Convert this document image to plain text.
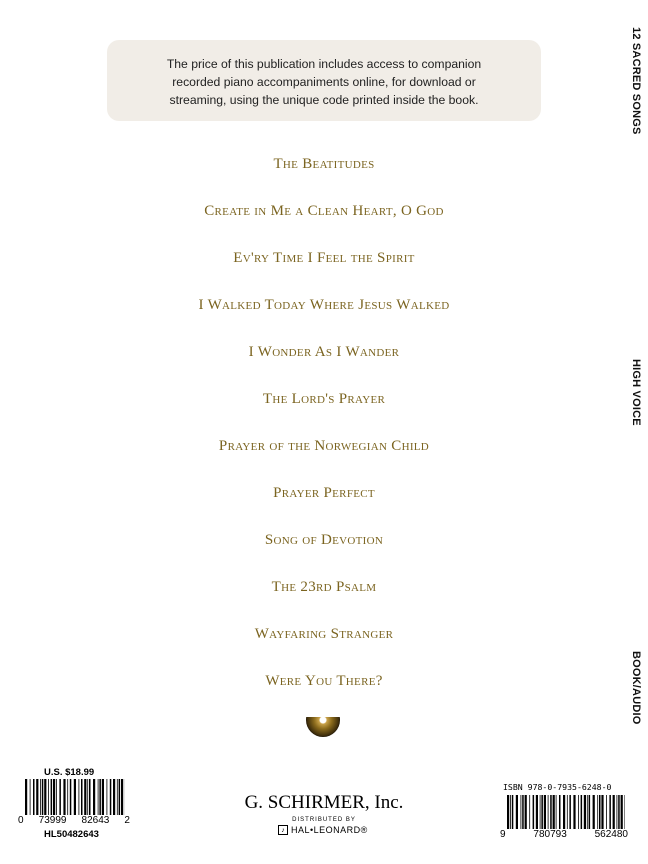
The price of this publication includes access to companion
recorded piano accompaniments online, for download or
streaming, using the unique code printed inside the book.	12 SACRED SONGS
HIGH VOICE
BOOK/AUDIO
The Beatitudes
Create in Me a Clean Heart, O God
Ev'ry Time I Feel the Spirit
I Walked Today Where Jesus Walked
I Wonder As I Wander
The Lord's Prayer
Prayer of the Norwegian Child
Prayer Perfect
Song of Devotion
The 23rd Psalm
Wayfaring Stranger
Were You There?
U.S. $18.99
0 73999 82643 2
HL50482643
G. SCHIRMER, Inc.
DISTRIBUTED BY
♪ HAL•LEONARD®
ISBN 978-0-7935-6248-0
9	780793	562480
